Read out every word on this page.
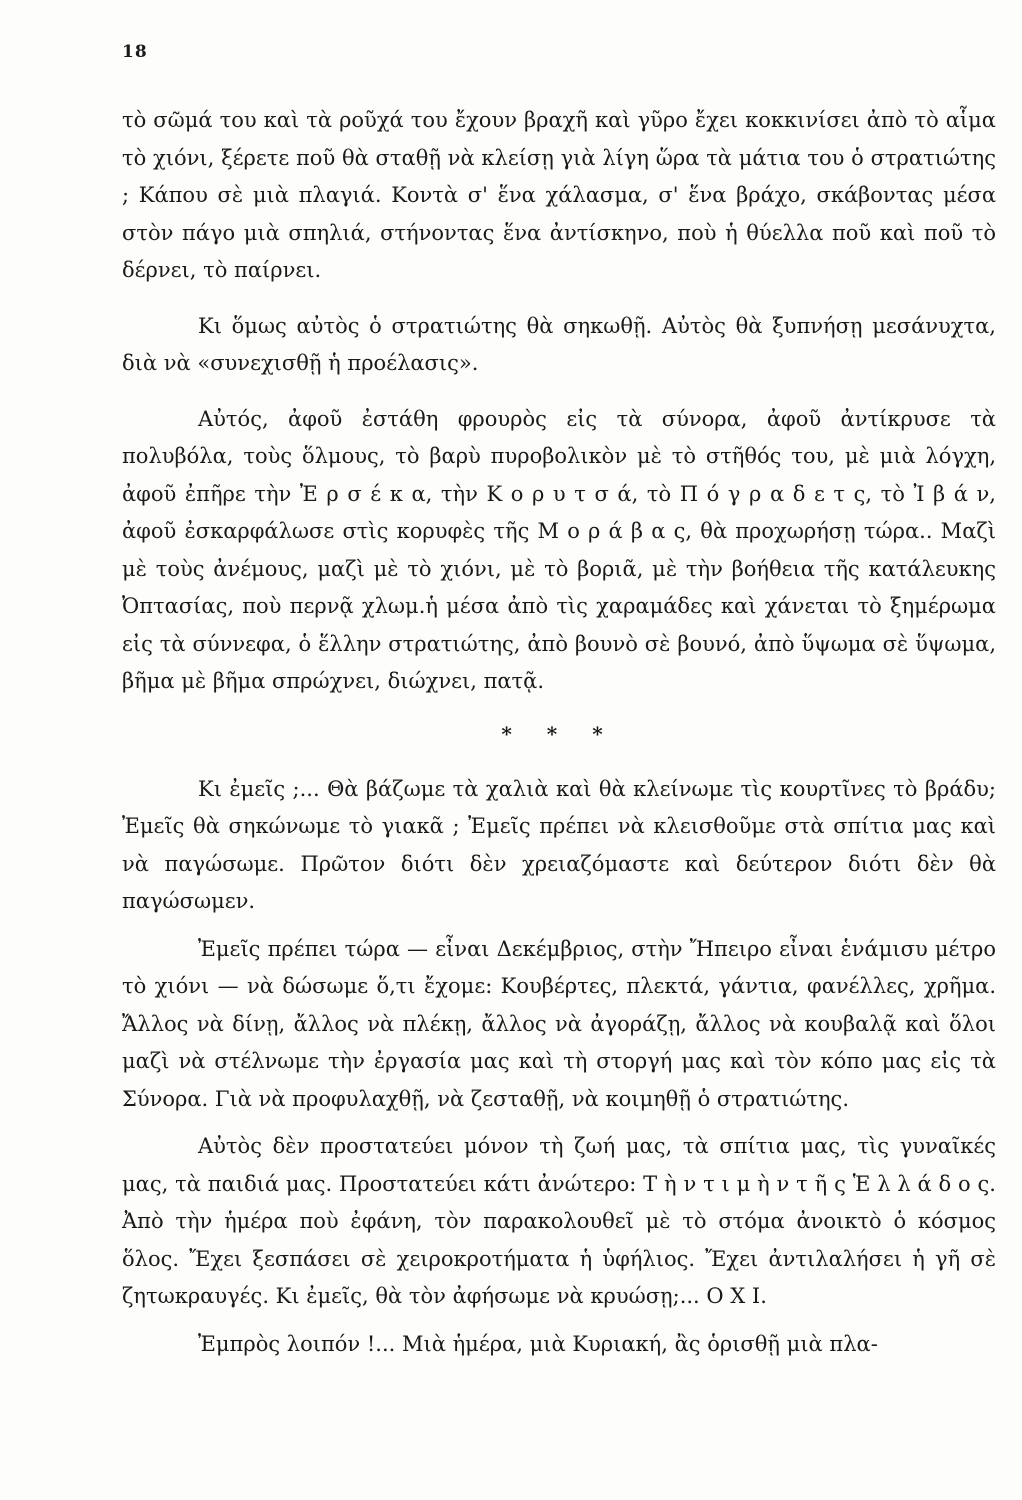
18

τὸ σῶμά του καὶ τὰ ροῦχά του ἔχουν βραχῆ καὶ γῦρο ἔχει κοκκινίσει ἀπὸ τὸ αἷμα τὸ χιόνι, ξέρετε ποῦ θὰ σταθῇ νὰ κλείσῃ γιὰ λίγη ὥρα τὰ μάτια του ὁ στρατιώτης ; Κάπου σὲ μιὰ πλαγιά. Κοντὰ σ' ἕνα χάλασμα, σ' ἕνα βράχο, σκάβοντας μέσα στὸν πάγο μιὰ σπηλιά, στήνοντας ἕνα ἀντίσκηνο, ποὺ ἡ θύελλα ποῦ καὶ ποῦ τὸ δέρνει, τὸ παίρνει.

Κι ὅμως αὐτὸς ὁ στρατιώτης θὰ σηκωθῇ. Αὐτὸς θὰ ξυπνήσῃ μεσάνυχτα, διὰ νὰ «συνεχισθῇ ἡ προέλασις».

Αὐτός, ἀφοῦ ἐστάθη φρουρὸς εἰς τὰ σύνορα, ἀφοῦ ἀντίκρυσε τὰ πολυβόλα, τοὺς ὅλμους, τὸ βαρὺ πυροβολικὸν μὲ τὸ στῆθός του, μὲ μιὰ λόγχη, ἀφοῦ ἐπῆρε τὴν Ἐ ρ σ έ κ α, τὴν Κ ο ρ υ τ σ ά, τὸ Π ό γ ρ α δ ε τ ς, τὸ Ἰ β ά ν, ἀφοῦ ἐσκαρφάλωσε στὶς κορυφὲς τῆς Μ ο ρ ά β α ς, θὰ προχωρήσῃ τώρα.. Μαζὶ μὲ τοὺς ἀνέμους, μαζὶ μὲ τὸ χιόνι, μὲ τὸ βοριᾶ, μὲ τὴν βοήθεια τῆς κατάλευκης Ὀπτασίας, ποὺ περνᾷ χλωμ.ἡ μέσα ἀπὸ τὶς χαραμάδες καὶ χάνεται τὸ ξημέρωμα εἰς τὰ σύννεφα, ὁ ἕλλην στρατιώτης, ἀπὸ βουνὸ σὲ βουνό, ἀπὸ ὕψωμα σὲ ὕψωμα, βῆμα μὲ βῆμα σπρώχνει, διώχνει, πατᾷ.

* * *

Κι ἐμεῖς ;... Θὰ βάζωμε τὰ χαλιὰ καὶ θὰ κλείνωμε τὶς κουρτῖνες τὸ βράδυ; Ἐμεῖς θὰ σηκώνωμε τὸ γιακᾶ ; Ἐμεῖς πρέπει νὰ κλεισθοῦμε στὰ σπίτια μας καὶ νὰ παγώσωμε. Πρῶτον διότι δὲν χρειαζόμαστε καὶ δεύτερον διότι δὲν θὰ παγώσωμεν.

Ἐμεῖς πρέπει τώρα — εἶναι Δεκέμβριος, στὴν Ἤπειρο εἶναι ἑνάμισυ μέτρο τὸ χιόνι — νὰ δώσωμε ὅ,τι ἔχομε: Κουβέρτες, πλεκτά, γάντια, φανέλλες, χρῆμα. Ἄλλος νὰ δίνῃ, ἄλλος νὰ πλέκῃ, ἄλλος νὰ ἀγοράζῃ, ἄλλος νὰ κουβαλᾷ καὶ ὅλοι μαζὶ νὰ στέλνωμε τὴν ἐργασία μας καὶ τὴ στοργή μας καὶ τὸν κόπο μας εἰς τὰ Σύνορα. Γιὰ νὰ προφυλαχθῇ, νὰ ζεσταθῇ, νὰ κοιμηθῇ ὁ στρατιώτης.

Αὐτὸς δὲν προστατεύει μόνον τὴ ζωή μας, τὰ σπίτια μας, τὶς γυναῖκές μας, τὰ παιδιά μας. Προστατεύει κάτι ἀνώτερο: Τ ὴ ν τ ι μ ὴ ν τ ῆ ς Ἑ λ λ ά δ ο ς. Ἀπὸ τὴν ἡμέρα ποὺ ἐφάνη, τὸν παρακολουθεῖ μὲ τὸ στόμα ἀνοικτὸ ὁ κόσμος ὅλος. Ἔχει ξεσπάσει σὲ χειροκροτήματα ἡ ὑφήλιος. Ἔχει ἀντιλαλήσει ἡ γῆ σὲ ζητωκραυγές. Κι ἐμεῖς, θὰ τὸν ἀφήσωμε νὰ κρυώσῃ;... Ο Χ Ι.

Ἐμπρὸς λοιπόν !... Μιὰ ἡμέρα, μιὰ Κυριακή, ἂς ὁρισθῇ μιὰ πλα-
